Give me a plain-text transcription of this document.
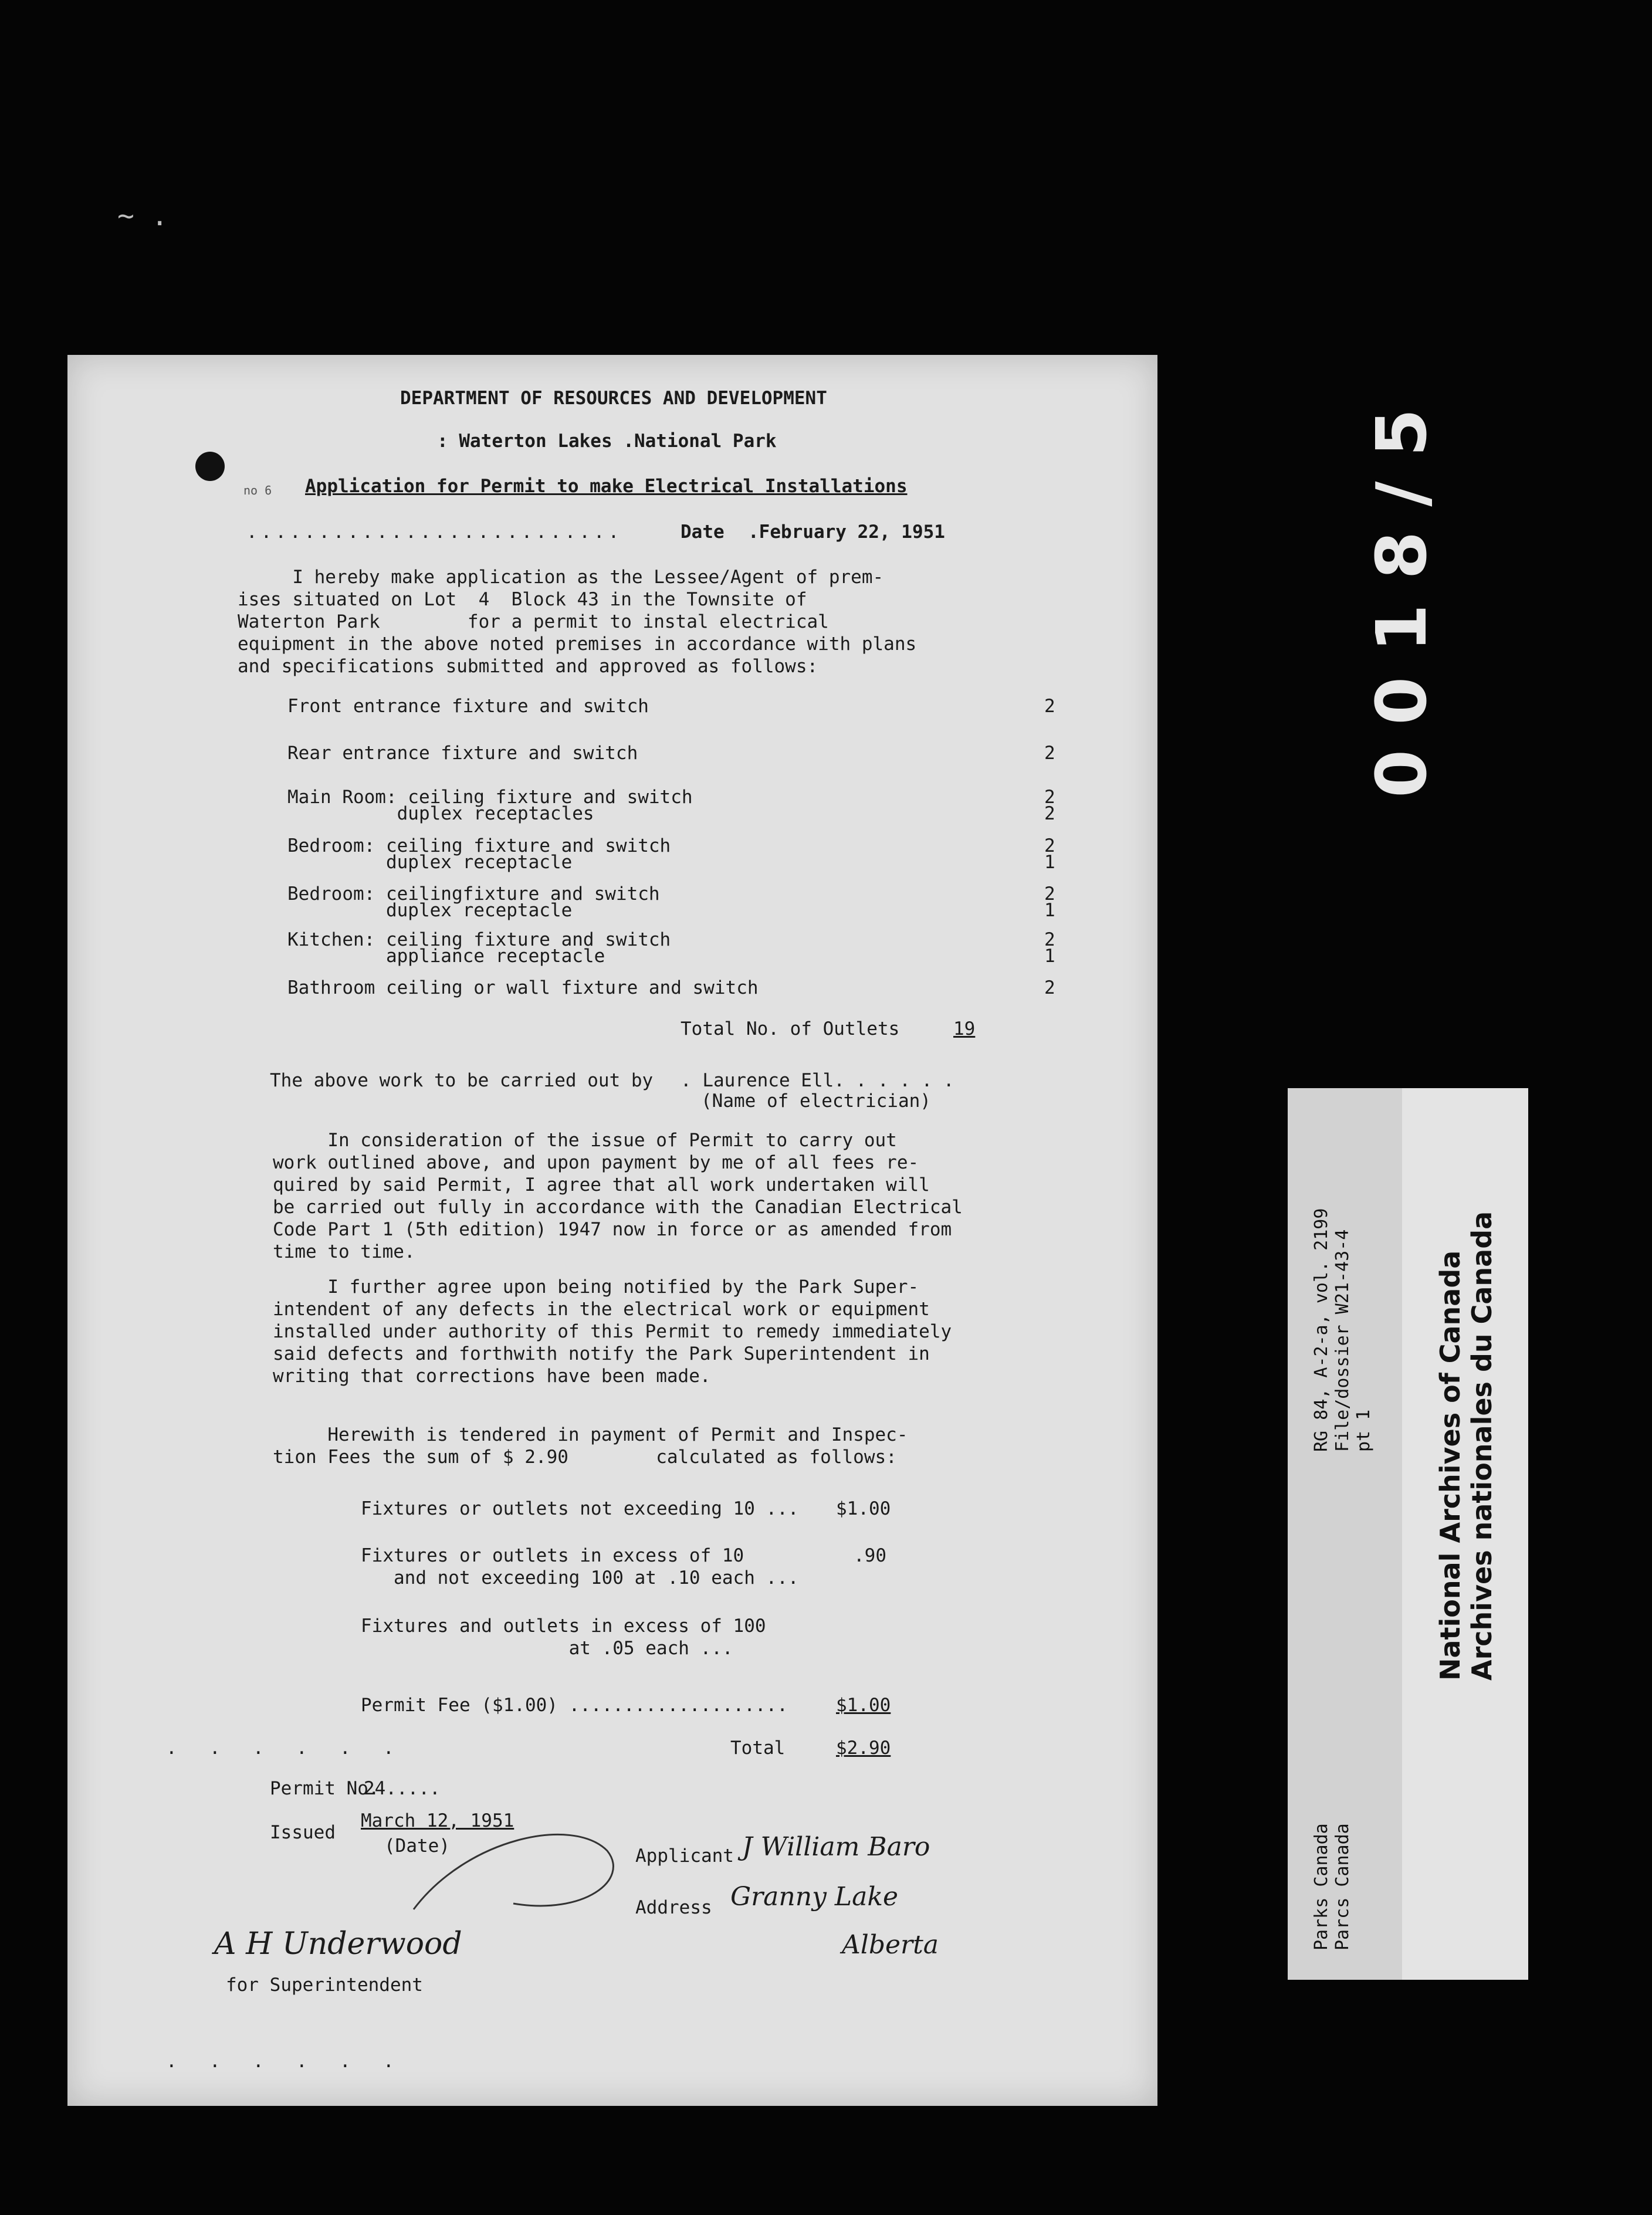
0018/5
~ .
DEPARTMENT OF RESOURCES AND DEVELOPMENT
: Waterton Lakes .National Park
no 6 Application for Permit to make Electrical Installations
..........................	Date .February 22, 1951
I hereby make application as the Lessee/Agent of prem-
ises situated on Lot  4  Block 43 in the Townsite of
Waterton Park        for a permit to instal electrical
equipment in the above noted premises in accordance with plans
and specifications submitted and approved as follows:
Front entrance fixture and switch	2
Rear entrance fixture and switch	2
Main Room: ceiling fixture and switch	2
duplex receptacles	2
Bedroom: ceiling fixture and switch	2
duplex receptacle	1
Bedroom: ceilingfixture and switch	2
duplex receptacle	1
Kitchen: ceiling fixture and switch	2
appliance receptacle	1
Bathroom ceiling or wall fixture and switch	2
Total No. of Outlets	19
The above work to be carried out by . Laurence Ell. . . . . .
(Name of electrician)
In consideration of the issue of Permit to carry out
work outlined above, and upon payment by me of all fees re-
quired by said Permit, I agree that all work undertaken will
be carried out fully in accordance with the Canadian Electrical
Code Part 1 (5th edition) 1947 now in force or as amended from
time to time.
I further agree upon being notified by the Park Super-
intendent of any defects in the electrical work or equipment
installed under authority of this Permit to remedy immediately
said defects and forthwith notify the Park Superintendent in
writing that corrections have been made.
Herewith is tendered in payment of Permit and Inspec-
tion Fees the sum of $ 2.90        calculated as follows:
Fixtures or outlets not exceeding 10 ... $1.00
Fixtures or outlets in excess of 10	.90
and not exceeding 100 at .10 each ...
Fixtures and outlets in excess of 100
at .05 each ...
Permit Fee ($1.00) ....................	$1.00
Total	$2.90
.  .  .  .  .  .
Permit No.
24.....
Issued
March 12, 1951
(Date)	Applicant J William Baro
Address Granny Lake
Alberta
A H Underwood
for Superintendent
.  .  .  .  .  .
RG 84, A-2-a, vol. 2199 File/dossier W21-43-4 pt 1
Parks Canada Parcs Canada
National Archives of Canada Archives nationales du Canada
